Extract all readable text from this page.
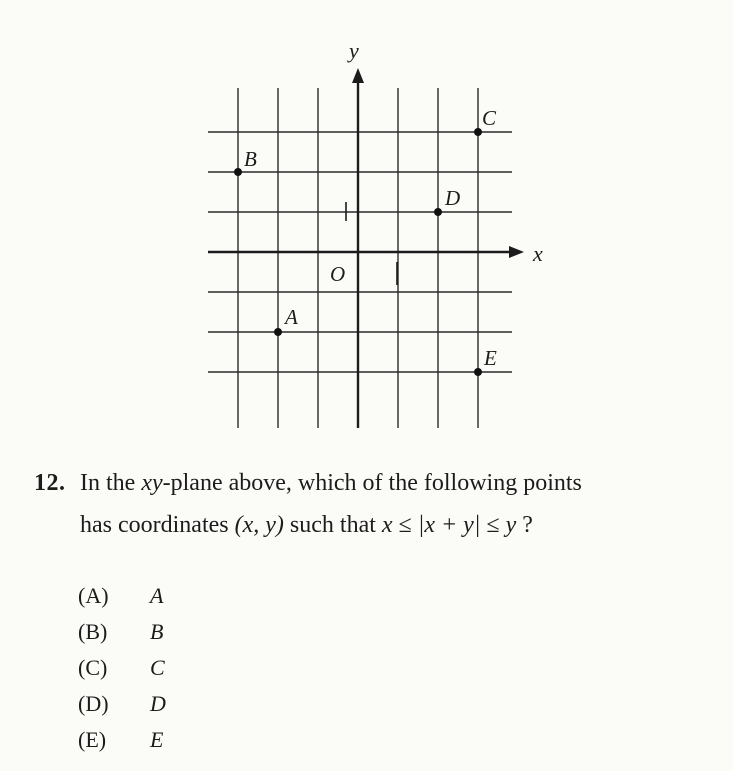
x
y
O
A
B
C
D
E
12. In the xy-plane above, which of the following points
has coordinates (x, y) such that x ≤ |x + y| ≤ y ?
(A)	A
(B)	B
(C)	C
(D)	D
(E)	E
